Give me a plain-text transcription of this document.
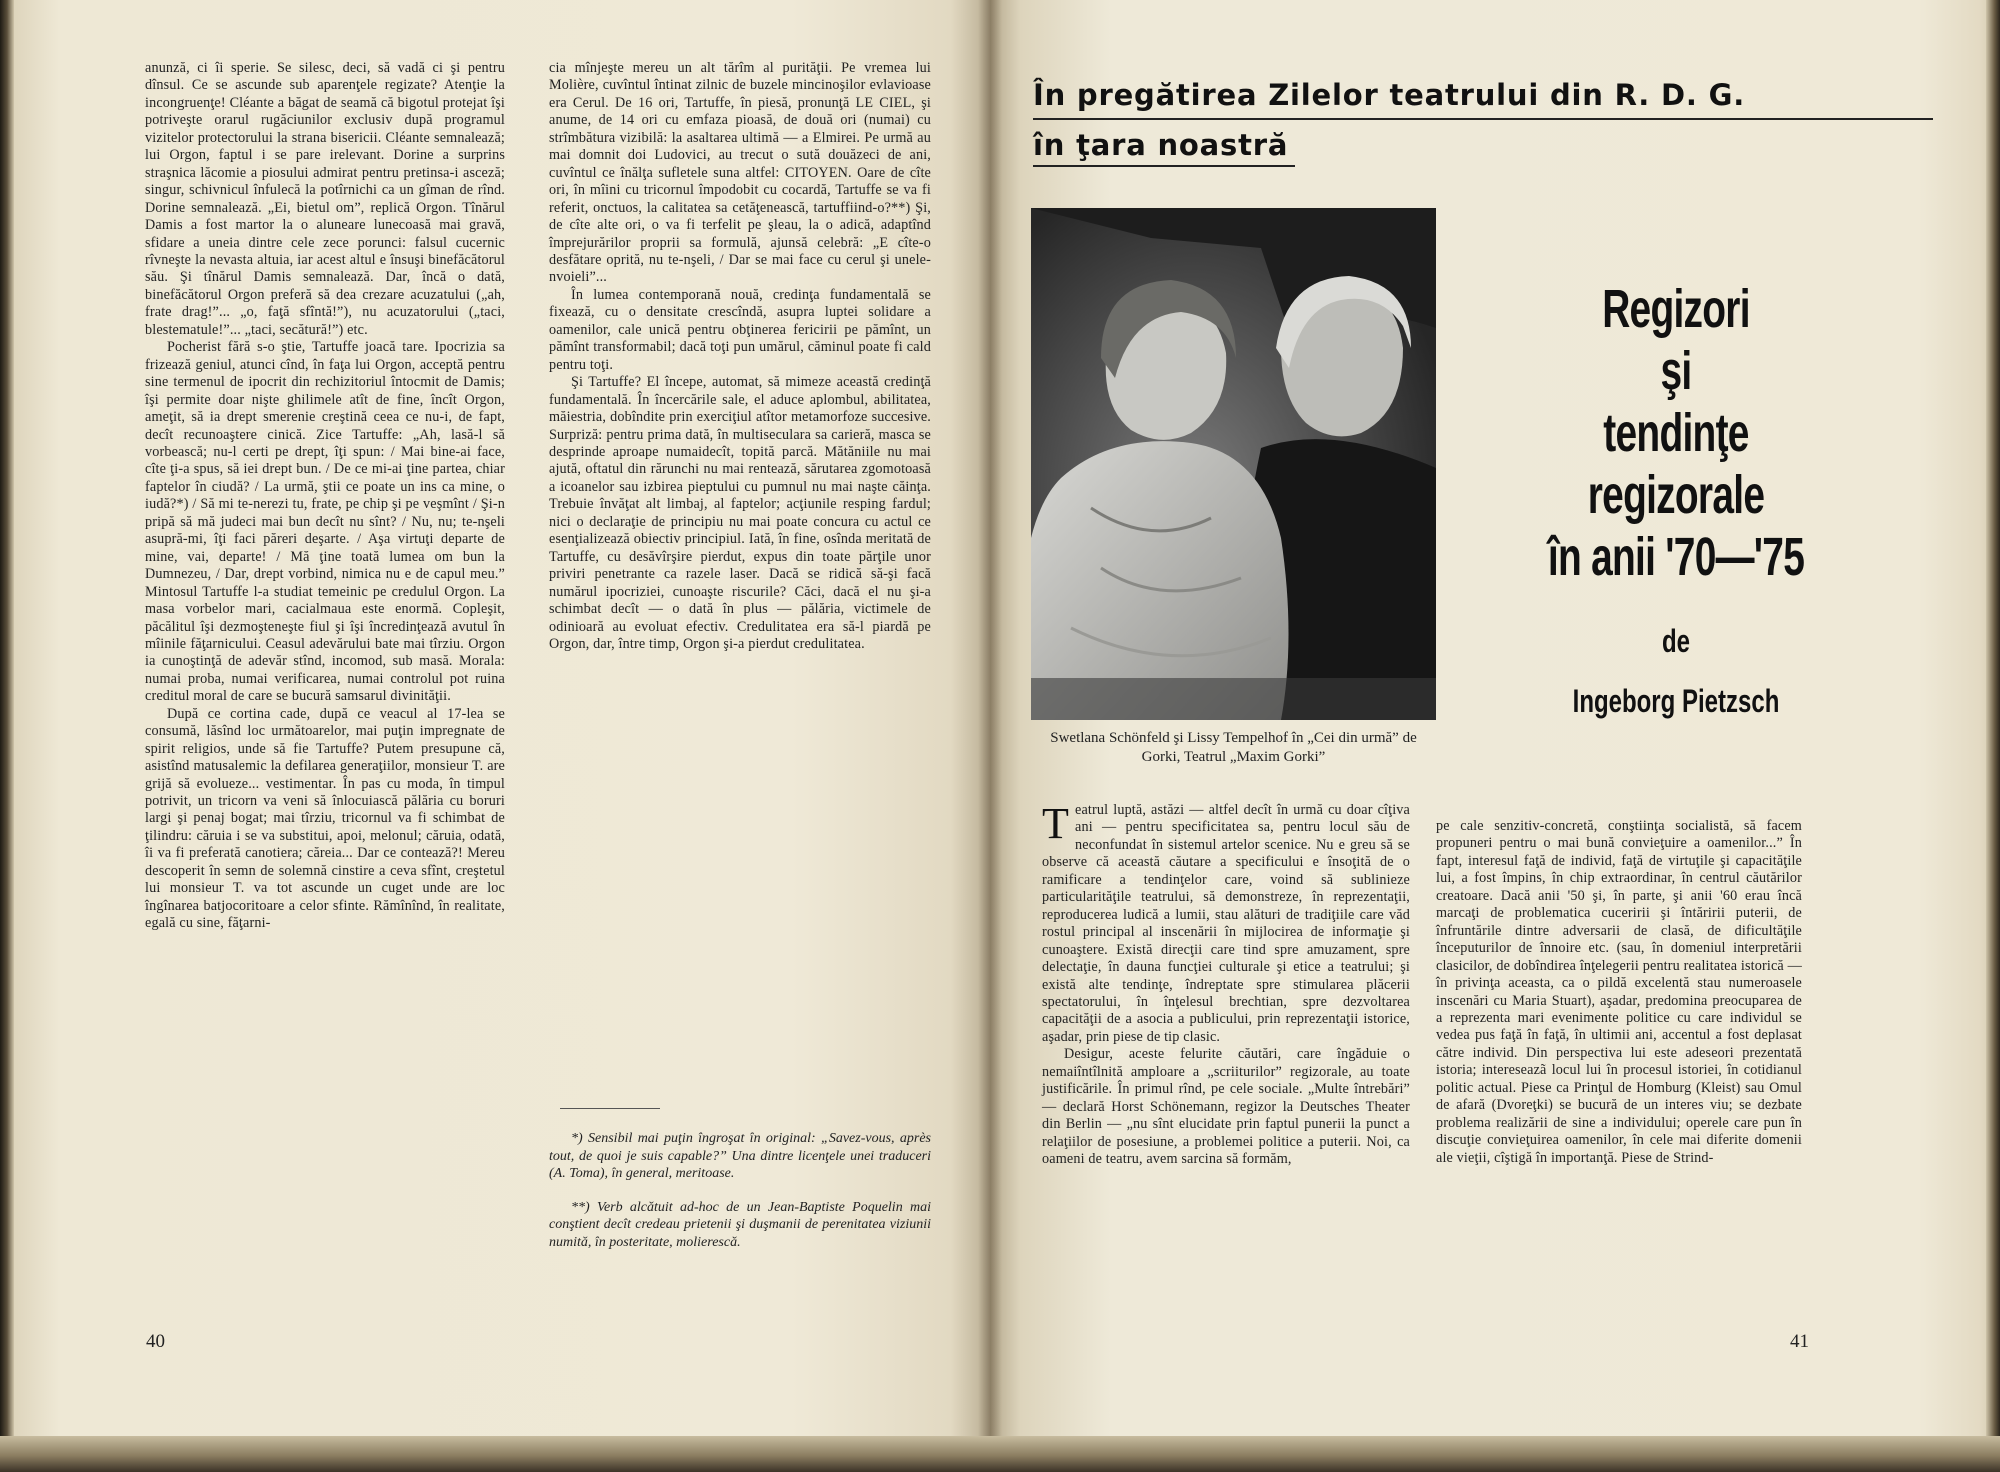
anunză, ci îi sperie. Se silesc, deci, să vadă ci şi pentru dînsul. Ce se ascunde sub aparenţele regizate? Atenţie la incongruenţe! Cléante a băgat de seamă că bigotul protejat îşi potriveşte orarul rugăciunilor exclusiv după programul vizitelor protectorului la strana bisericii. Cléante semnalează; lui Orgon, faptul i se pare irelevant. Dorine a surprins straşnica lăcomie a piosului admirat pentru pretinsa-i asceză; singur, schivnicul înfulecă la potîrnichi ca un gîman de rînd. Dorine semnalează. „Ei, bietul om”, replică Orgon. Tînărul Damis a fost martor la o aluneare lunecoasă mai gravă, sfidare a uneia dintre cele zece porunci: falsul cucernic rîvneşte la nevasta altuia, iar acest altul e însuşi binefăcătorul său. Şi tînărul Damis semnalează. Dar, încă o dată, binefăcătorul Orgon preferă să dea crezare acuzatului („ah, frate drag!”... „o, faţă sfîntă!”), nu acuzatorului („taci, blestematule!”... „taci, secătură!”) etc.

Pocherist fără s-o ştie, Tartuffe joacă tare. Ipocrizia sa frizează geniul, atunci cînd, în faţa lui Orgon, acceptă pentru sine termenul de ipocrit din rechizitoriul întocmit de Damis; îşi permite doar nişte ghilimele atît de fine, încît Orgon, ameţit, să ia drept smerenie creştină ceea ce nu-i, de fapt, decît recunoaştere cinică. Zice Tartuffe: „Ah, lasă-l să vorbească; nu-l certi pe drept, îţi spun: / Mai bine-ai face, cîte ţi-a spus, să iei drept bun. / De ce mi-ai ţine partea, chiar faptelor în ciudă? / La urmă, ştii ce poate un ins ca mine, o iudă?*) / Să mi te-nerezi tu, frate, pe chip şi pe veşmînt / Şi-n pripă să mă judeci mai bun decît nu sînt? / Nu, nu; te-nşeli asupră-mi, îţi faci păreri deşarte. / Aşa virtuţi departe de mine, vai, departe! / Mă ţine toată lumea om bun la Dumnezeu, / Dar, drept vorbind, nimica nu e de capul meu.” Mintosul Tartuffe l-a studiat temeinic pe credulul Orgon. La masa vorbelor mari, cacialmaua este enormă. Copleşit, păcălitul îşi dezmoşteneşte fiul şi îşi încredinţează avutul în mîinile făţarnicului. Ceasul adevărului bate mai tîrziu. Orgon ia cunoştinţă de adevăr stînd, incomod, sub masă. Morala: numai proba, numai verificarea, numai controlul pot ruina creditul moral de care se bucură samsarul divinităţii.

După ce cortina cade, după ce veacul al 17-lea se consumă, lăsînd loc următoarelor, mai puţin impregnate de spirit religios, unde să fie Tartuffe? Putem presupune că, asistînd matusalemic la defilarea generaţiilor, monsieur T. are grijă să evolueze... vestimentar. În pas cu moda, în timpul potrivit, un tricorn va veni să înlocuiască pălăria cu boruri largi şi penaj bogat; mai tîrziu, tricornul va fi schimbat de ţilindru: căruia i se va substitui, apoi, melonul; căruia, odată, îi va fi preferată canotiera; căreia... Dar ce contează?! Mereu descoperit în semn de solemnă cinstire a ceva sfînt, creştetul lui monsieur T. va tot ascunde un cuget unde are loc îngînarea batjocoritoare a celor sfinte. Rămînînd, în realitate, egală cu sine, făţarni-

cia mînjeşte mereu un alt tărîm al purităţii. Pe vremea lui Molière, cuvîntul întinat zilnic de buzele mincinoşilor evlavioase era Cerul. De 16 ori, Tartuffe, în piesă, pronunţă LE CIEL, şi anume, de 14 ori cu emfaza pioasă, de două ori (numai) cu strîmbătura vizibilă: la asaltarea ultimă — a Elmirei. Pe urmă au mai domnit doi Ludovici, au trecut o sută douăzeci de ani, cuvîntul ce înălţa sufletele suna altfel: CITOYEN. Oare de cîte ori, în mîini cu tricornul împodobit cu cocardă, Tartuffe se va fi referit, onctuos, la calitatea sa cetăţenească, tartuffiind-o?**) Şi, de cîte alte ori, o va fi terfelit pe şleau, la o adică, adaptînd împrejurărilor proprii sa formulă, ajunsă celebră: „E cîte-o desfătare oprită, nu te-nşeli, / Dar se mai face cu cerul şi unele-nvoieli”...

În lumea contemporană nouă, credinţa fundamentală se fixează, cu o densitate crescîndă, asupra luptei solidare a oamenilor, cale unică pentru obţinerea fericirii pe pămînt, un pămînt transformabil; dacă toţi pun umărul, căminul poate fi cald pentru toţi.

Şi Tartuffe? El începe, automat, să mimeze această credinţă fundamentală. În încercările sale, el aduce aplombul, abilitatea, măiestria, dobîndite prin exerciţiul atîtor metamorfoze succesive. Surpriză: pentru prima dată, în multiseculara sa carieră, masca se desprinde aproape numaidecît, topită parcă. Mătăniile nu mai ajută, oftatul din rărunchi nu mai rentează, sărutarea zgomotoasă a icoanelor sau izbirea pieptului cu pumnul nu mai naşte căinţa. Trebuie învăţat alt limbaj, al faptelor; acţiunile resping fardul; nici o declaraţie de principiu nu mai poate concura cu actul ce esenţializează obiectiv principiul. Iată, în fine, osînda meritată de Tartuffe, cu desăvîrşire pierdut, expus din toate părţile unor priviri penetrante ca razele laser. Dacă se ridică să-şi facă numărul ipocriziei, cunoaşte riscurile? Căci, dacă el nu şi-a schimbat decît — o dată în plus — pălăria, victimele de odinioară au evoluat efectiv. Credulitatea era să-l piardă pe Orgon, dar, între timp, Orgon şi-a pierdut credulitatea.

*) Sensibil mai puţin îngroşat în original: „Savez-vous, après tout, de quoi je suis capable?” Una dintre licenţele unei traduceri (A. Toma), în general, meritoase.

**) Verb alcătuit ad-hoc de un Jean-Baptiste Poquelin mai conştient decît credeau prietenii şi duşmanii de perenitatea viziunii numită, în posteritate, molierescă.

40
În pregătirea Zilelor teatrului din R. D. G.
în ţara noastră
Swetlana Schönfeld şi Lissy Tempelhof în „Cei din urmă” de Gorki, Teatrul „Maxim Gorki”
Regizori
şi
tendinţe regizorale
în anii '70—'75
de
Ingeborg Pietzsch

Teatrul luptă, astăzi — altfel decît în urmă cu doar cîţiva ani — pentru specificitatea sa, pentru locul său de neconfundat în sistemul artelor scenice. Nu e greu să se observe că această căutare a specificului e însoţită de o ramificare a tendinţelor care, voind să sublinieze particularităţile teatrului, să demonstreze, în reprezentaţii, reproducerea ludică a lumii, stau alături de tradiţiile care văd rostul principal al inscenării în mijlocirea de informaţie şi cunoaştere. Există direcţii care tind spre amuzament, spre delectaţie, în dauna funcţiei culturale şi etice a teatrului; şi există alte tendinţe, îndreptate spre stimularea plăcerii spectatorului, în înţelesul brechtian, spre dezvoltarea capacităţii de a asocia a publicului, prin reprezentaţii istorice, aşadar, prin piese de tip clasic.

Desigur, aceste felurite căutări, care îngăduie o nemaiîntîlnită amploare a „scriiturilor” regizorale, au toate justificările. În primul rînd, pe cele sociale. „Multe întrebări” — declară Horst Schönemann, regizor la Deutsches Theater din Berlin — „nu sînt elucidate prin faptul punerii la punct a relaţiilor de posesiune, a problemei politice a puterii. Noi, ca oameni de teatru, avem sarcina să formăm,

pe cale senzitiv-concretă, conştiinţa socialistă, să facem propuneri pentru o mai bună convieţuire a oamenilor...” În fapt, interesul faţă de individ, faţă de virtuţile şi capacităţile lui, a fost împins, în chip extraordinar, în centrul căutărilor creatoare. Dacă anii '50 şi, în parte, şi anii '60 erau încă marcaţi de problematica cuceririi şi întăririi puterii, de înfruntările dintre adversarii de clasă, de dificultăţile începuturilor de înnoire etc. (sau, în domeniul interpretării clasicilor, de dobîndirea înţelegerii pentru realitatea istorică — în privinţa aceasta, ca o pildă excelentă stau numeroasele inscenări cu Maria Stuart), aşadar, predomina preocuparea de a reprezenta mari evenimente politice cu care individul se vedea pus faţă în faţă, în ultimii ani, accentul a fost deplasat către individ. Din perspectiva lui este adeseori prezentată istoria; intereseazã locul lui în procesul istoriei, în cotidianul politic actual. Piese ca Prinţul de Homburg (Kleist) sau Omul de afară (Dvoreţki) se bucură de un interes viu; se dezbate problema realizării de sine a individului; operele care pun în discuţie convieţuirea oamenilor, în cele mai diferite domenii ale vieţii, cîştigă în importanţă. Piese de Strind-

41
